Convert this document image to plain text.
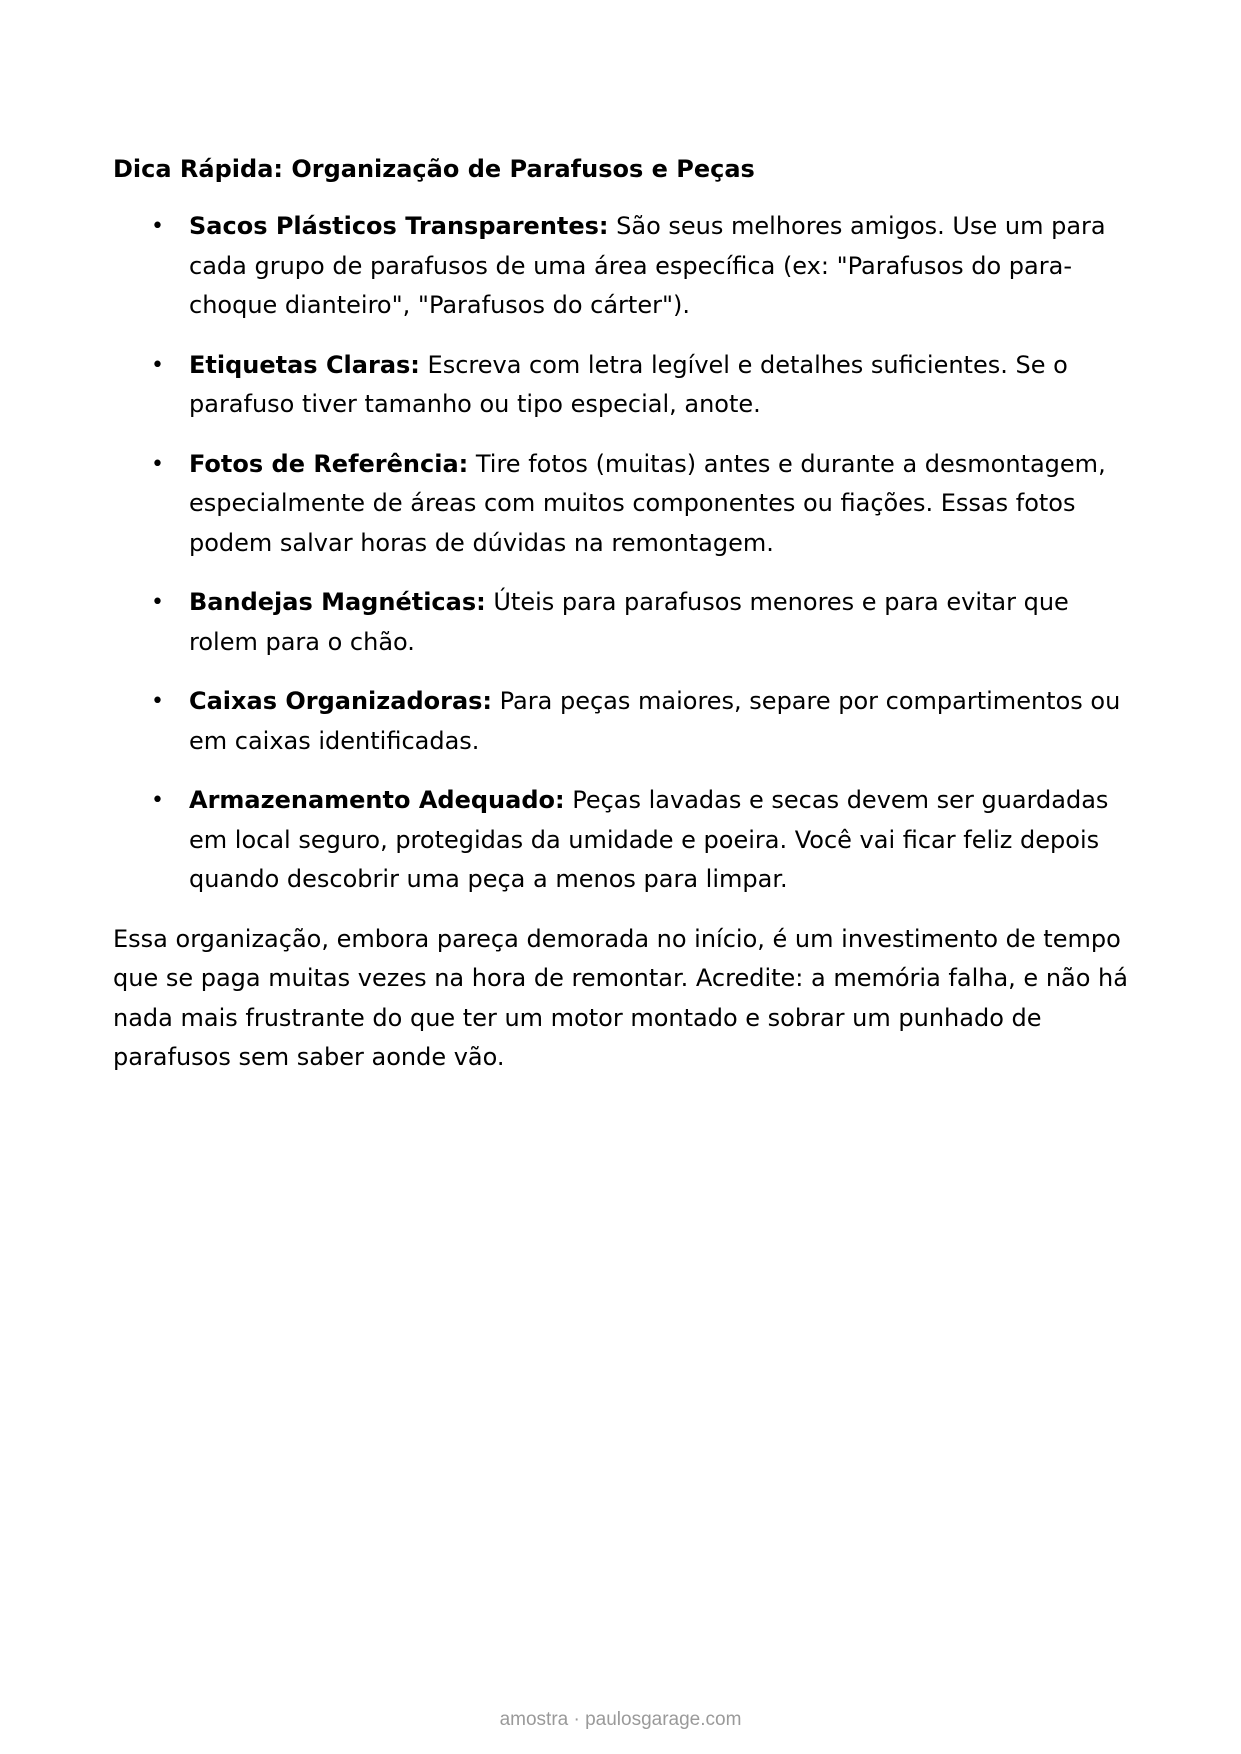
Dica Rápida: Organização de Parafusos e Peças
• Sacos Plásticos Transparentes: São seus melhores amigos. Use um para cada grupo de parafusos de uma área específica (ex: "Parafusos do para-choque dianteiro", "Parafusos do cárter").
• Etiquetas Claras: Escreva com letra legível e detalhes suficientes. Se o parafuso tiver tamanho ou tipo especial, anote.
• Fotos de Referência: Tire fotos (muitas) antes e durante a desmontagem, especialmente de áreas com muitos componentes ou fiações. Essas fotos podem salvar horas de dúvidas na remontagem.
• Bandejas Magnéticas: Úteis para parafusos menores e para evitar que rolem para o chão.
• Caixas Organizadoras: Para peças maiores, separe por compartimentos ou em caixas identificadas.
• Armazenamento Adequado: Peças lavadas e secas devem ser guardadas em local seguro, protegidas da umidade e poeira. Você vai ficar feliz depois quando descobrir uma peça a menos para limpar.

Essa organização, embora pareça demorada no início, é um investimento de tempo que se paga muitas vezes na hora de remontar. Acredite: a memória falha, e não há nada mais frustrante do que ter um motor montado e sobrar um punhado de parafusos sem saber aonde vão.

amostra · paulosgarage.com
